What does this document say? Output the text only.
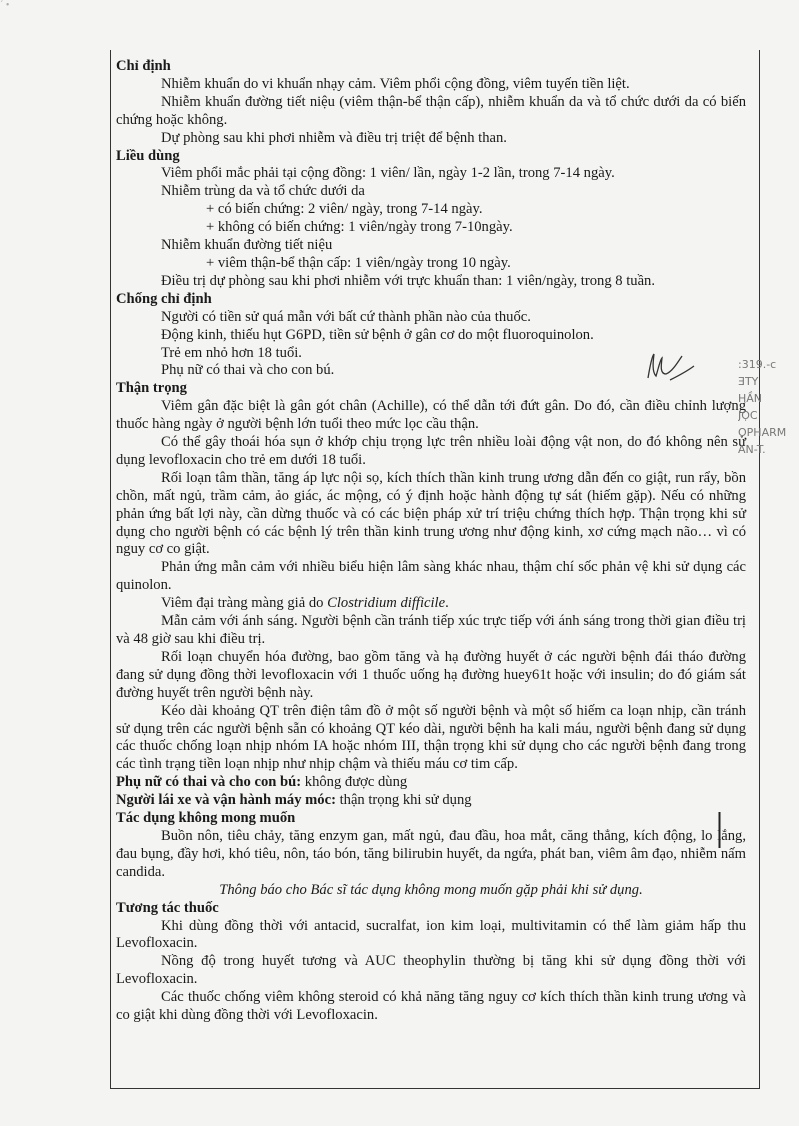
´ •

Chỉ định

Nhiễm khuẩn do vi khuẩn nhạy cảm. Viêm phổi cộng đồng, viêm tuyến tiền liệt.

Nhiễm khuẩn đường tiết niệu (viêm thận-bể thận cấp), nhiễm khuẩn da và tổ chức dưới da có biến chứng hoặc không.

Dự phòng sau khi phơi nhiễm và điều trị triệt để bệnh than.

Liều dùng

Viêm phổi mắc phải tại cộng đồng: 1 viên/ lần, ngày 1-2 lần, trong 7-14 ngày.

Nhiễm trùng da và tổ chức dưới da

+ có biến chứng: 2 viên/ ngày, trong 7-14 ngày.

+ không có biến chứng: 1 viên/ngày trong 7-10ngày.

Nhiễm khuẩn đường tiết niệu

+ viêm thận-bể thận cấp: 1 viên/ngày trong 10 ngày.

Điều trị dự phòng sau khi phơi nhiễm với trực khuẩn than: 1 viên/ngày, trong 8 tuần.

Chống chỉ định

Người có tiền sử quá mẫn với bất cứ thành phần nào của thuốc.

Động kinh, thiếu hụt G6PD, tiền sử bệnh ở gân cơ do một fluoroquinolon.

Trẻ em nhỏ hơn 18 tuổi.

Phụ nữ có thai và cho con bú.

Thận trọng

Viêm gân đặc biệt là gân gót chân (Achille), có thể dẫn tới đứt gân. Do đó, cần điều chỉnh lượng thuốc hàng ngày ở người bệnh lớn tuổi theo mức lọc cầu thận.

Có thể gây thoái hóa sụn ở khớp chịu trọng lực trên nhiều loài động vật non, do đó không nên sử dụng levofloxacin cho trẻ em dưới 18 tuổi.

Rối loạn tâm thần, tăng áp lực nội sọ, kích thích thần kinh trung ương dẫn đến co giật, run rẩy, bồn chồn, mất ngủ, trầm cảm, ảo giác, ác mộng, có ý định hoặc hành động tự sát (hiếm gặp). Nếu có những phản ứng bất lợi này, cần dừng thuốc và có các biện pháp xử trí triệu chứng thích hợp. Thận trọng khi sử dụng cho người bệnh có các bệnh lý trên thần kinh trung ương như động kinh, xơ cứng mạch não… vì có nguy cơ co giật.

Phản ứng mẫn cảm với nhiều biểu hiện lâm sàng khác nhau, thậm chí sốc phản vệ khi sử dụng các quinolon.

Viêm đại tràng màng giả do Clostridium difficile.

Mẫn cảm với ánh sáng. Người bệnh cần tránh tiếp xúc trực tiếp với ánh sáng trong thời gian điều trị và 48 giờ sau khi điều trị.

Rối loạn chuyển hóa đường, bao gồm tăng và hạ đường huyết ở các người bệnh đái tháo đường đang sử dụng đồng thời levofloxacin với 1 thuốc uống hạ đường huey61t hoặc với insulin; do đó giám sát đường huyết trên người bệnh này.

Kéo dài khoảng QT trên điện tâm đồ ở một số người bệnh và một số hiếm ca loạn nhịp, cần tránh sử dụng trên các người bệnh sẵn có khoảng QT kéo dài, người bệnh ha kali máu, người bệnh đang sử dụng các thuốc chống loạn nhịp nhóm IA hoặc nhóm III, thận trọng khi sử dụng cho các người bệnh đang trong các tình trạng tiền loạn nhịp như nhịp chậm và thiếu máu cơ tim cấp.

Phụ nữ có thai và cho con bú: không được dùng

Người lái xe và vận hành máy móc: thận trọng khi sử dụng

Tác dụng không mong muốn

Buồn nôn, tiêu chảy, tăng enzym gan, mất ngủ, đau đầu, hoa mắt, căng thẳng, kích động, lo lắng, đau bụng, đầy hơi, khó tiêu, nôn, táo bón, tăng bilirubin huyết, da ngứa, phát ban, viêm âm đạo, nhiễm nấm candida.

Thông báo cho Bác sĩ tác dụng không mong muốn gặp phải khi sử dụng.

Tương tác thuốc

Khi dùng đồng thời với antacid, sucralfat, ion kim loại, multivitamin có thể làm giảm hấp thu Levofloxacin.

Nồng độ trong huyết tương và AUC theophylin thường bị tăng khi sử dụng đồng thời với Levofloxacin.

Các thuốc chống viêm không steroid có khả năng tăng nguy cơ kích thích thần kinh trung ương và co giật khi dùng đồng thời với Levofloxacin.

:319.-c
ƎTY
HẦN
JỌC
OPHARM
AN-T.
